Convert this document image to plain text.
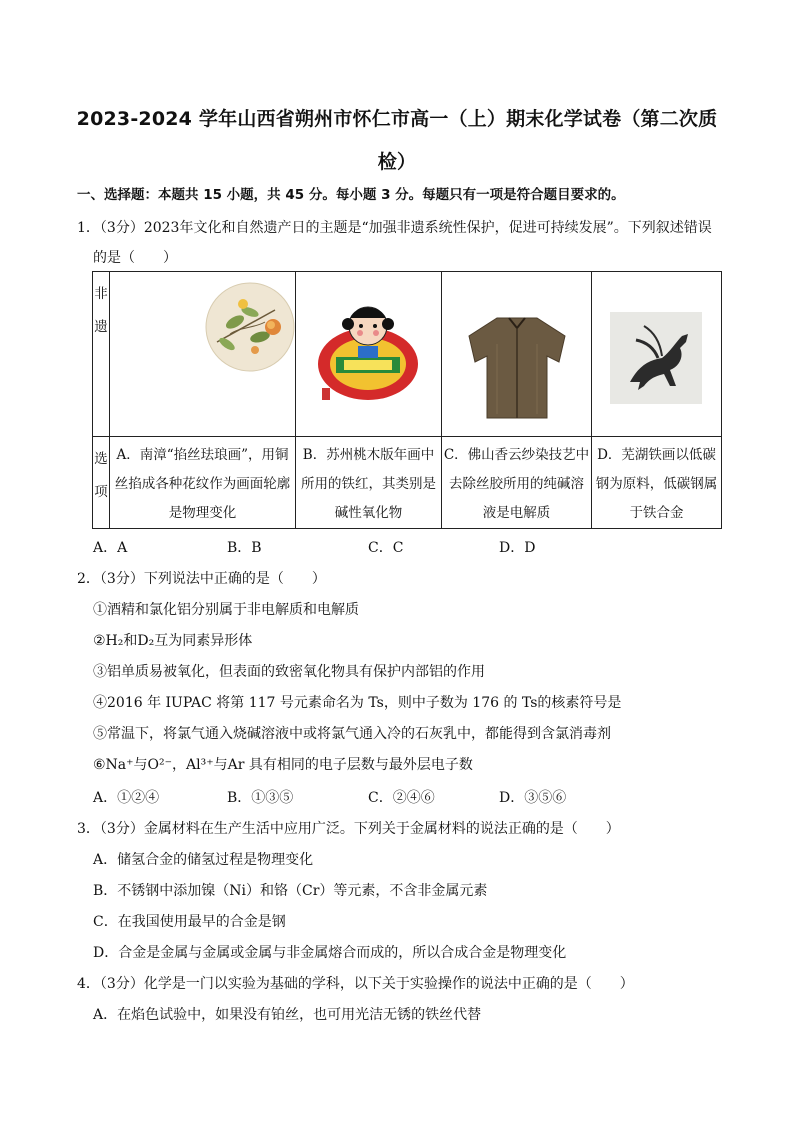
2023-2024 学年山西省朔州市怀仁市高一（上）期末化学试卷（第二次质
检）
一、选择题：本题共 15 小题，共 45 分。每小题 3 分。每题只有一项是符合题目要求的。
1．（3分）2023年文化和自然遗产日的主题是“加强非遗系统性保护，促进可持续发展”。下列叙述错误
的是（　　）
非
遗

选
项	A．南漳“掐丝珐琅画”，用铜丝掐成各种花纹作为画面轮廓是物理变化	B．苏州桃木版年画中所用的铁红，其类别是碱性氧化物	C．佛山香云纱染技艺中去除丝胶所用的纯碱溶液是电解质	D．芜湖铁画以低碳钢为原料，低碳钢属于铁合金
A．A	B．B	C．C	D．D
2．（3分）下列说法中正确的是（　　）
①酒精和氯化铝分别属于非电解质和电解质
②H₂和D₂互为同素异形体
③铝单质易被氧化，但表面的致密氧化物具有保护内部铝的作用
④2016 年 IUPAC 将第 117 号元素命名为 Ts，则中子数为 176 的 Ts的核素符号是
⑤常温下，将氯气通入烧碱溶液中或将氯气通入冷的石灰乳中，都能得到含氯消毒剂
⑥Na⁺与O²⁻，Al³⁺与Ar 具有相同的电子层数与最外层电子数
A．①②④	B．①③⑤	C．②④⑥	D．③⑤⑥
3．（3分）金属材料在生产生活中应用广泛。下列关于金属材料的说法正确的是（　　）
A．储氢合金的储氢过程是物理变化
B．不锈钢中添加镍（Ni）和铬（Cr）等元素，不含非金属元素
C．在我国使用最早的合金是钢
D．合金是金属与金属或金属与非金属熔合而成的，所以合成合金是物理变化
4．（3分）化学是一门以实验为基础的学科，以下关于实验操作的说法中正确的是（　　）
A．在焰色试验中，如果没有铂丝，也可用光洁无锈的铁丝代替
